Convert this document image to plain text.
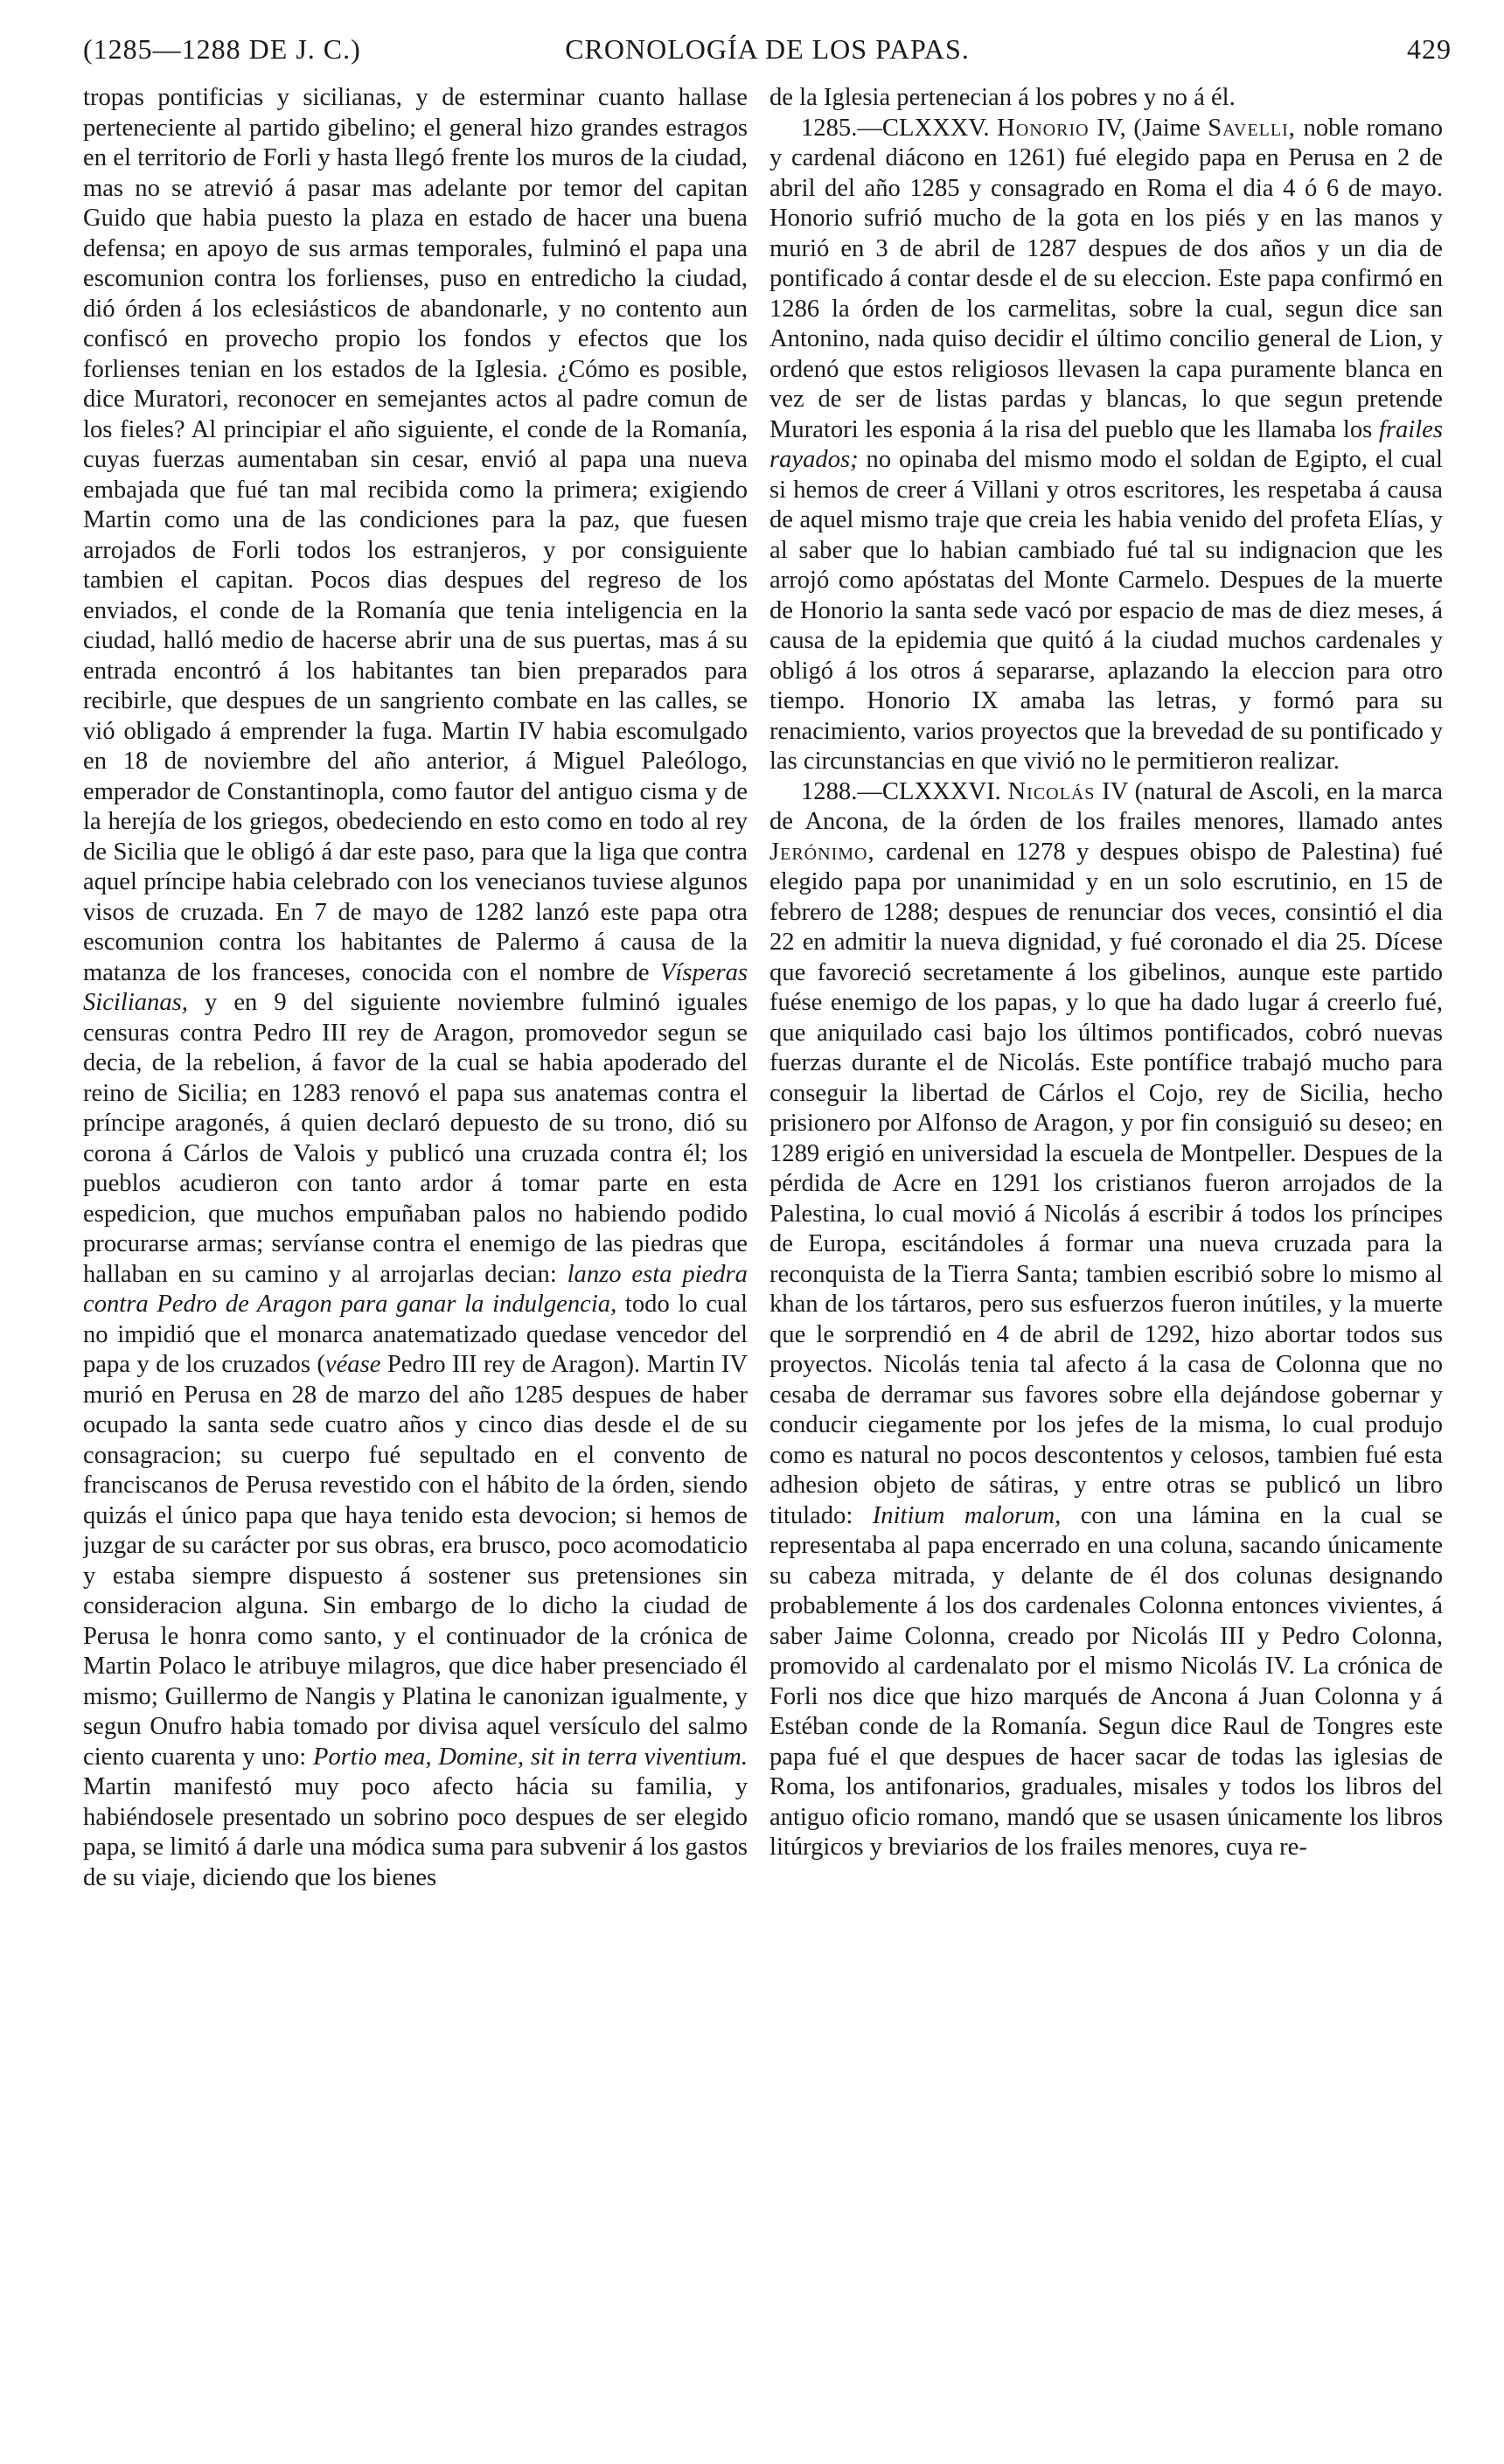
(1285—1288 DE J. C.)	CRONOLOGÍA DE LOS PAPAS.	429

tropas pontificias y sicilianas, y de esterminar cuanto hallase perteneciente al partido gibelino; el general hizo grandes estragos en el territorio de Forli y hasta llegó frente los muros de la ciudad, mas no se atrevió á pasar mas adelante por temor del capitan Guido que habia puesto la plaza en estado de hacer una buena defensa; en apoyo de sus armas temporales, fulminó el papa una escomunion contra los forlienses, puso en entredicho la ciudad, dió órden á los eclesiásticos de abandonarle, y no contento aun confiscó en provecho propio los fondos y efectos que los forlienses tenian en los estados de la Iglesia. ¿Cómo es posible, dice Muratori, reconocer en semejantes actos al padre comun de los fieles? Al principiar el año siguiente, el conde de la Romanía, cuyas fuerzas aumentaban sin cesar, envió al papa una nueva embajada que fué tan mal recibida como la primera; exigiendo Martin como una de las condiciones para la paz, que fuesen arrojados de Forli todos los estranjeros, y por consiguiente tambien el capitan. Pocos dias despues del regreso de los enviados, el conde de la Romanía que tenia inteligencia en la ciudad, halló medio de hacerse abrir una de sus puertas, mas á su entrada encontró á los habitantes tan bien preparados para recibirle, que despues de un sangriento combate en las calles, se vió obligado á emprender la fuga. Martin IV habia escomulgado en 18 de noviembre del año anterior, á Miguel Paleólogo, emperador de Constantinopla, como fautor del antiguo cisma y de la herejía de los griegos, obedeciendo en esto como en todo al rey de Sicilia que le obligó á dar este paso, para que la liga que contra aquel príncipe habia celebrado con los venecianos tuviese algunos visos de cruzada. En 7 de mayo de 1282 lanzó este papa otra escomunion contra los habitantes de Palermo á causa de la matanza de los franceses, conocida con el nombre de Vísperas Sicilianas, y en 9 del siguiente noviembre fulminó iguales censuras contra Pedro III rey de Aragon, promovedor segun se decia, de la rebelion, á favor de la cual se habia apoderado del reino de Sicilia; en 1283 renovó el papa sus anatemas contra el príncipe aragonés, á quien declaró depuesto de su trono, dió su corona á Cárlos de Valois y publicó una cruzada contra él; los pueblos acudieron con tanto ardor á tomar parte en esta espedicion, que muchos empuñaban palos no habiendo podido procurarse armas; servíanse contra el enemigo de las piedras que hallaban en su camino y al arrojarlas decian: lanzo esta piedra contra Pedro de Aragon para ganar la indulgencia, todo lo cual no impidió que el monarca anatematizado quedase vencedor del papa y de los cruzados (véase Pedro III rey de Aragon). Martin IV murió en Perusa en 28 de marzo del año 1285 despues de haber ocupado la santa sede cuatro años y cinco dias desde el de su consagracion; su cuerpo fué sepultado en el convento de franciscanos de Perusa revestido con el hábito de la órden, siendo quizás el único papa que haya tenido esta devocion; si hemos de juzgar de su carácter por sus obras, era brusco, poco acomodaticio y estaba siempre dispuesto á sostener sus pretensiones sin consideracion alguna. Sin embargo de lo dicho la ciudad de Perusa le honra como santo, y el continuador de la crónica de Martin Polaco le atribuye milagros, que dice haber presenciado él mismo; Guillermo de Nangis y Platina le canonizan igualmente, y segun Onufro habia tomado por divisa aquel versículo del salmo ciento cuarenta y uno: Portio mea, Domine, sit in terra viventium. Martin manifestó muy poco afecto hácia su familia, y habiéndosele presentado un sobrino poco despues de ser elegido papa, se limitó á darle una módica suma para subvenir á los gastos de su viaje, diciendo que los bienes

de la Iglesia pertenecian á los pobres y no á él.

1285.—CLXXXV. Honorio IV, (Jaime Savelli, noble romano y cardenal diácono en 1261) fué elegido papa en Perusa en 2 de abril del año 1285 y consagrado en Roma el dia 4 ó 6 de mayo. Honorio sufrió mucho de la gota en los piés y en las manos y murió en 3 de abril de 1287 despues de dos años y un dia de pontificado á contar desde el de su eleccion. Este papa confirmó en 1286 la órden de los carmelitas, sobre la cual, segun dice san Antonino, nada quiso decidir el último concilio general de Lion, y ordenó que estos religiosos llevasen la capa puramente blanca en vez de ser de listas pardas y blancas, lo que segun pretende Muratori les esponia á la risa del pueblo que les llamaba los frailes rayados; no opinaba del mismo modo el soldan de Egipto, el cual si hemos de creer á Villani y otros escritores, les respetaba á causa de aquel mismo traje que creia les habia venido del profeta Elías, y al saber que lo habian cambiado fué tal su indignacion que les arrojó como apóstatas del Monte Carmelo. Despues de la muerte de Honorio la santa sede vacó por espacio de mas de diez meses, á causa de la epidemia que quitó á la ciudad muchos cardenales y obligó á los otros á separarse, aplazando la eleccion para otro tiempo. Honorio IX amaba las letras, y formó para su renacimiento, varios proyectos que la brevedad de su pontificado y las circunstancias en que vivió no le permitieron realizar.

1288.—CLXXXVI. Nicolás IV (natural de Ascoli, en la marca de Ancona, de la órden de los frailes menores, llamado antes Jerónimo, cardenal en 1278 y despues obispo de Palestina) fué elegido papa por unanimidad y en un solo escrutinio, en 15 de febrero de 1288; despues de renunciar dos veces, consintió el dia 22 en admitir la nueva dignidad, y fué coronado el dia 25. Dícese que favoreció secretamente á los gibelinos, aunque este partido fuése enemigo de los papas, y lo que ha dado lugar á creerlo fué, que aniquilado casi bajo los últimos pontificados, cobró nuevas fuerzas durante el de Nicolás. Este pontífice trabajó mucho para conseguir la libertad de Cárlos el Cojo, rey de Sicilia, hecho prisionero por Alfonso de Aragon, y por fin consiguió su deseo; en 1289 erigió en universidad la escuela de Montpeller. Despues de la pérdida de Acre en 1291 los cristianos fueron arrojados de la Palestina, lo cual movió á Nicolás á escribir á todos los príncipes de Europa, escitándoles á formar una nueva cruzada para la reconquista de la Tierra Santa; tambien escribió sobre lo mismo al khan de los tártaros, pero sus esfuerzos fueron inútiles, y la muerte que le sorprendió en 4 de abril de 1292, hizo abortar todos sus proyectos. Nicolás tenia tal afecto á la casa de Colonna que no cesaba de derramar sus favores sobre ella dejándose gobernar y conducir ciegamente por los jefes de la misma, lo cual produjo como es natural no pocos descontentos y celosos, tambien fué esta adhesion objeto de sátiras, y entre otras se publicó un libro titulado: Initium malorum, con una lámina en la cual se representaba al papa encerrado en una coluna, sacando únicamente su cabeza mitrada, y delante de él dos colunas designando probablemente á los dos cardenales Colonna entonces vivientes, á saber Jaime Colonna, creado por Nicolás III y Pedro Colonna, promovido al cardenalato por el mismo Nicolás IV. La crónica de Forli nos dice que hizo marqués de Ancona á Juan Colonna y á Estéban conde de la Romanía. Segun dice Raul de Tongres este papa fué el que despues de hacer sacar de todas las iglesias de Roma, los antifonarios, graduales, misales y todos los libros del antiguo oficio romano, mandó que se usasen únicamente los libros litúrgicos y breviarios de los frailes menores, cuya re-
